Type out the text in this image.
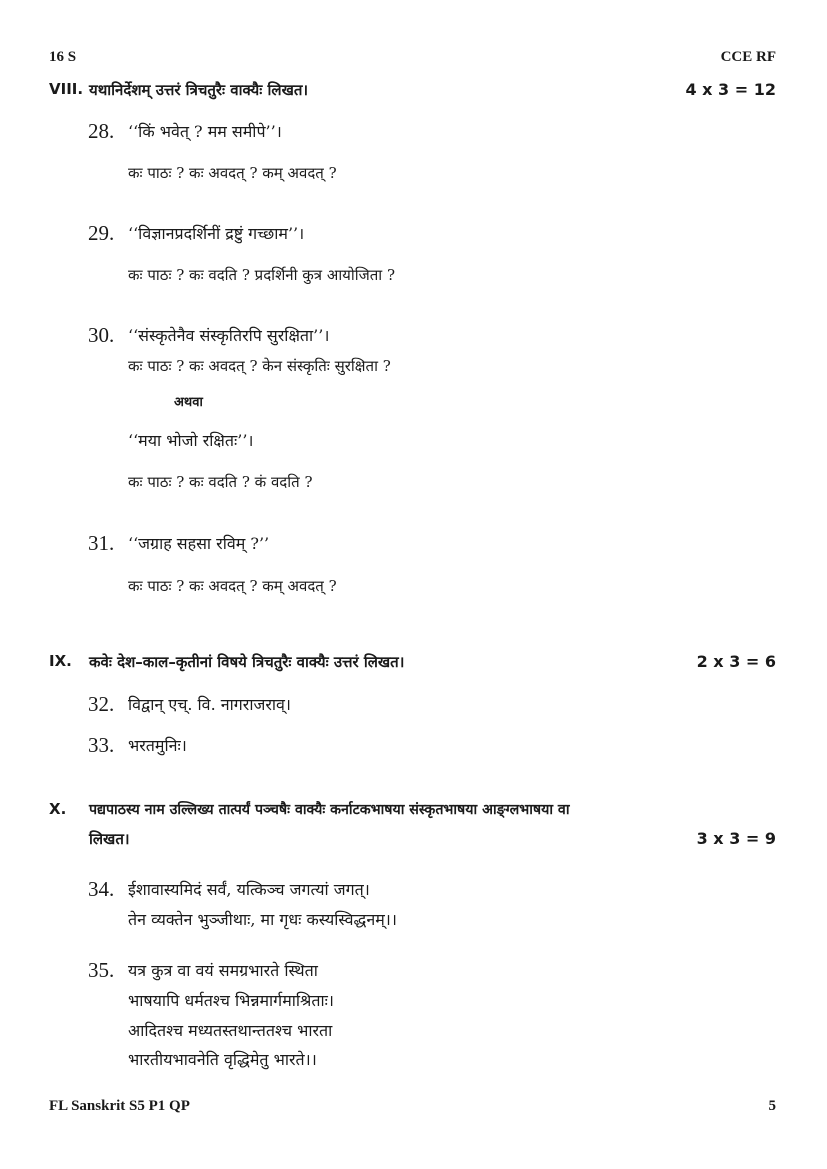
16 S	CCE RF
VIII. यथानिर्देशम् उत्तरं त्रिचतुरैः वाक्यैः लिखत।	4 x 3 = 12
28. ‘‘किं भवेत् ? मम समीपे’’।
कः पाठः ? कः अवदत् ? कम् अवदत् ?
29. ‘‘विज्ञानप्रदर्शिनीं द्रष्टुं गच्छाम’’।
कः पाठः ? कः वदति ? प्रदर्शिनी कुत्र आयोजिता ?
30. ‘‘संस्कृतेनैव संस्कृतिरपि सुरक्षिता’’।
कः पाठः ? कः अवदत् ? केन संस्कृतिः सुरक्षिता ?
अथवा
‘‘मया भोजो रक्षितः’’।
कः पाठः ? कः वदति ? कं वदति ?
31. ‘‘जग्राह सहसा रविम् ?’’
कः पाठः ? कः अवदत् ? कम् अवदत् ?
IX. कवेः देश–काल–कृतीनां विषये त्रिचतुरैः वाक्यैः उत्तरं लिखत।	2 x 3 = 6
32. विद्वान् एच्. वि. नागराजराव्।
33. भरतमुनिः।
X. पद्यपाठस्य नाम उल्लिख्य तात्पर्यं पञ्चषैः वाक्यैः कर्नाटकभाषया संस्कृतभाषया आङ्ग्लभाषया वा
लिखत।	3 x 3 = 9
34. ईशावास्यमिदं सर्वं, यत्किञ्च जगत्यां जगत्।
तेन व्यक्तेन भुञ्जीथाः, मा गृधः कस्यस्विद्धनम्।।
35. यत्र कुत्र वा वयं समग्रभारते स्थिता
भाषयापि धर्मतश्च भिन्नमार्गमाश्रिताः।
आदितश्च मध्यतस्तथान्ततश्च भारता
भारतीयभावनेति वृद्धिमेतु भारते।।
FL Sanskrit S5 P1 QP	5
